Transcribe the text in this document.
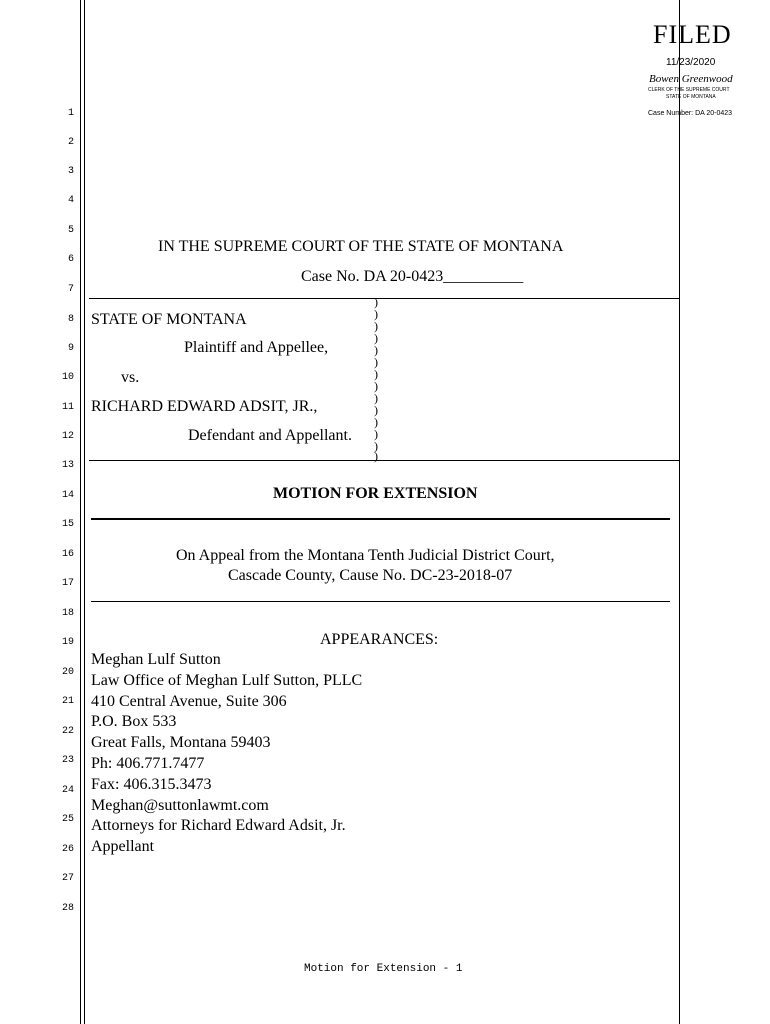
1
2
3
4
5
6
7
8
9
10
11
12
13
14
15
16
17
18
19
20
21
22
23
24
25
26
27
28
FILED
11/23/2020
Bowen Greenwood
CLERK OF THE SUPREME COURT
STATE OF MONTANA
Case Number: DA 20-0423
IN THE SUPREME COURT OF THE STATE OF MONTANA
Case No. DA 20-0423__________
STATE OF MONTANA
Plaintiff and Appellee,
vs.
RICHARD EDWARD ADSIT, JR.,
Defendant and Appellant.
)
)
)
)
)
)
)
)
)
)
)
)
)
)
MOTION FOR EXTENSION
On Appeal from the Montana Tenth Judicial District Court,
Cascade County, Cause No. DC-23-2018-07
APPEARANCES:
Meghan Lulf Sutton
Law Office of Meghan Lulf Sutton, PLLC
410 Central Avenue, Suite 306
P.O. Box 533
Great Falls, Montana 59403
Ph: 406.771.7477
Fax: 406.315.3473
Meghan@suttonlawmt.com
Attorneys for Richard Edward Adsit, Jr.
Appellant
Motion for Extension - 1
